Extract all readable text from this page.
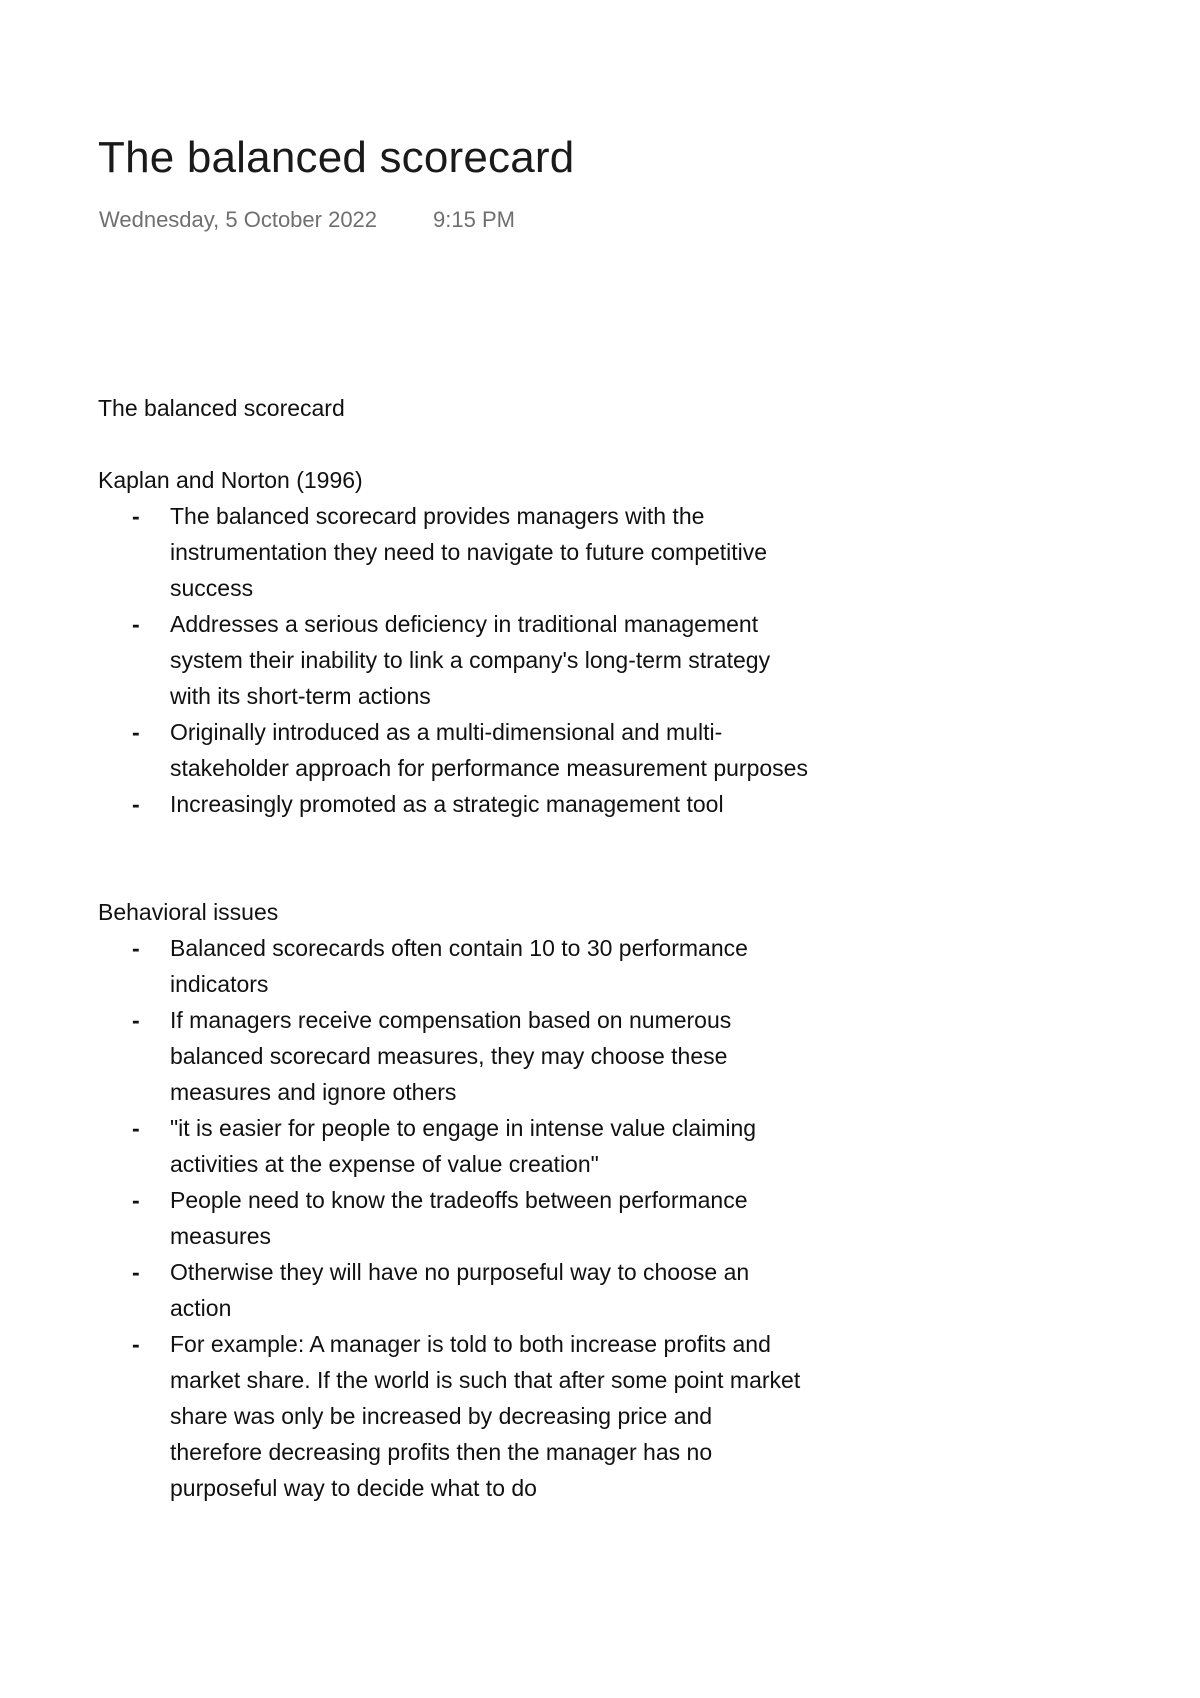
The balanced scorecard
Wednesday, 5 October 2022	9:15 PM

The balanced scorecard

Kaplan and Norton (1996)

- The balanced scorecard provides managers with the instrumentation they need to navigate to future competitive success
- Addresses a serious deficiency in traditional management system their inability to link a company's long-term strategy with its short-term actions
- Originally introduced as a multi-dimensional and multi-stakeholder approach for performance measurement purposes
- Increasingly promoted as a strategic management tool

Behavioral issues

- Balanced scorecards often contain 10 to 30 performance indicators
- If managers receive compensation based on numerous balanced scorecard measures, they may choose these measures and ignore others
- "it is easier for people to engage in intense value claiming activities at the expense of value creation"
- People need to know the tradeoffs between performance measures
- Otherwise they will have no purposeful way to choose an action
- For example: A manager is told to both increase profits and market share. If the world is such that after some point market share was only be increased by decreasing price and therefore decreasing profits then the manager has no purposeful way to decide what to do
